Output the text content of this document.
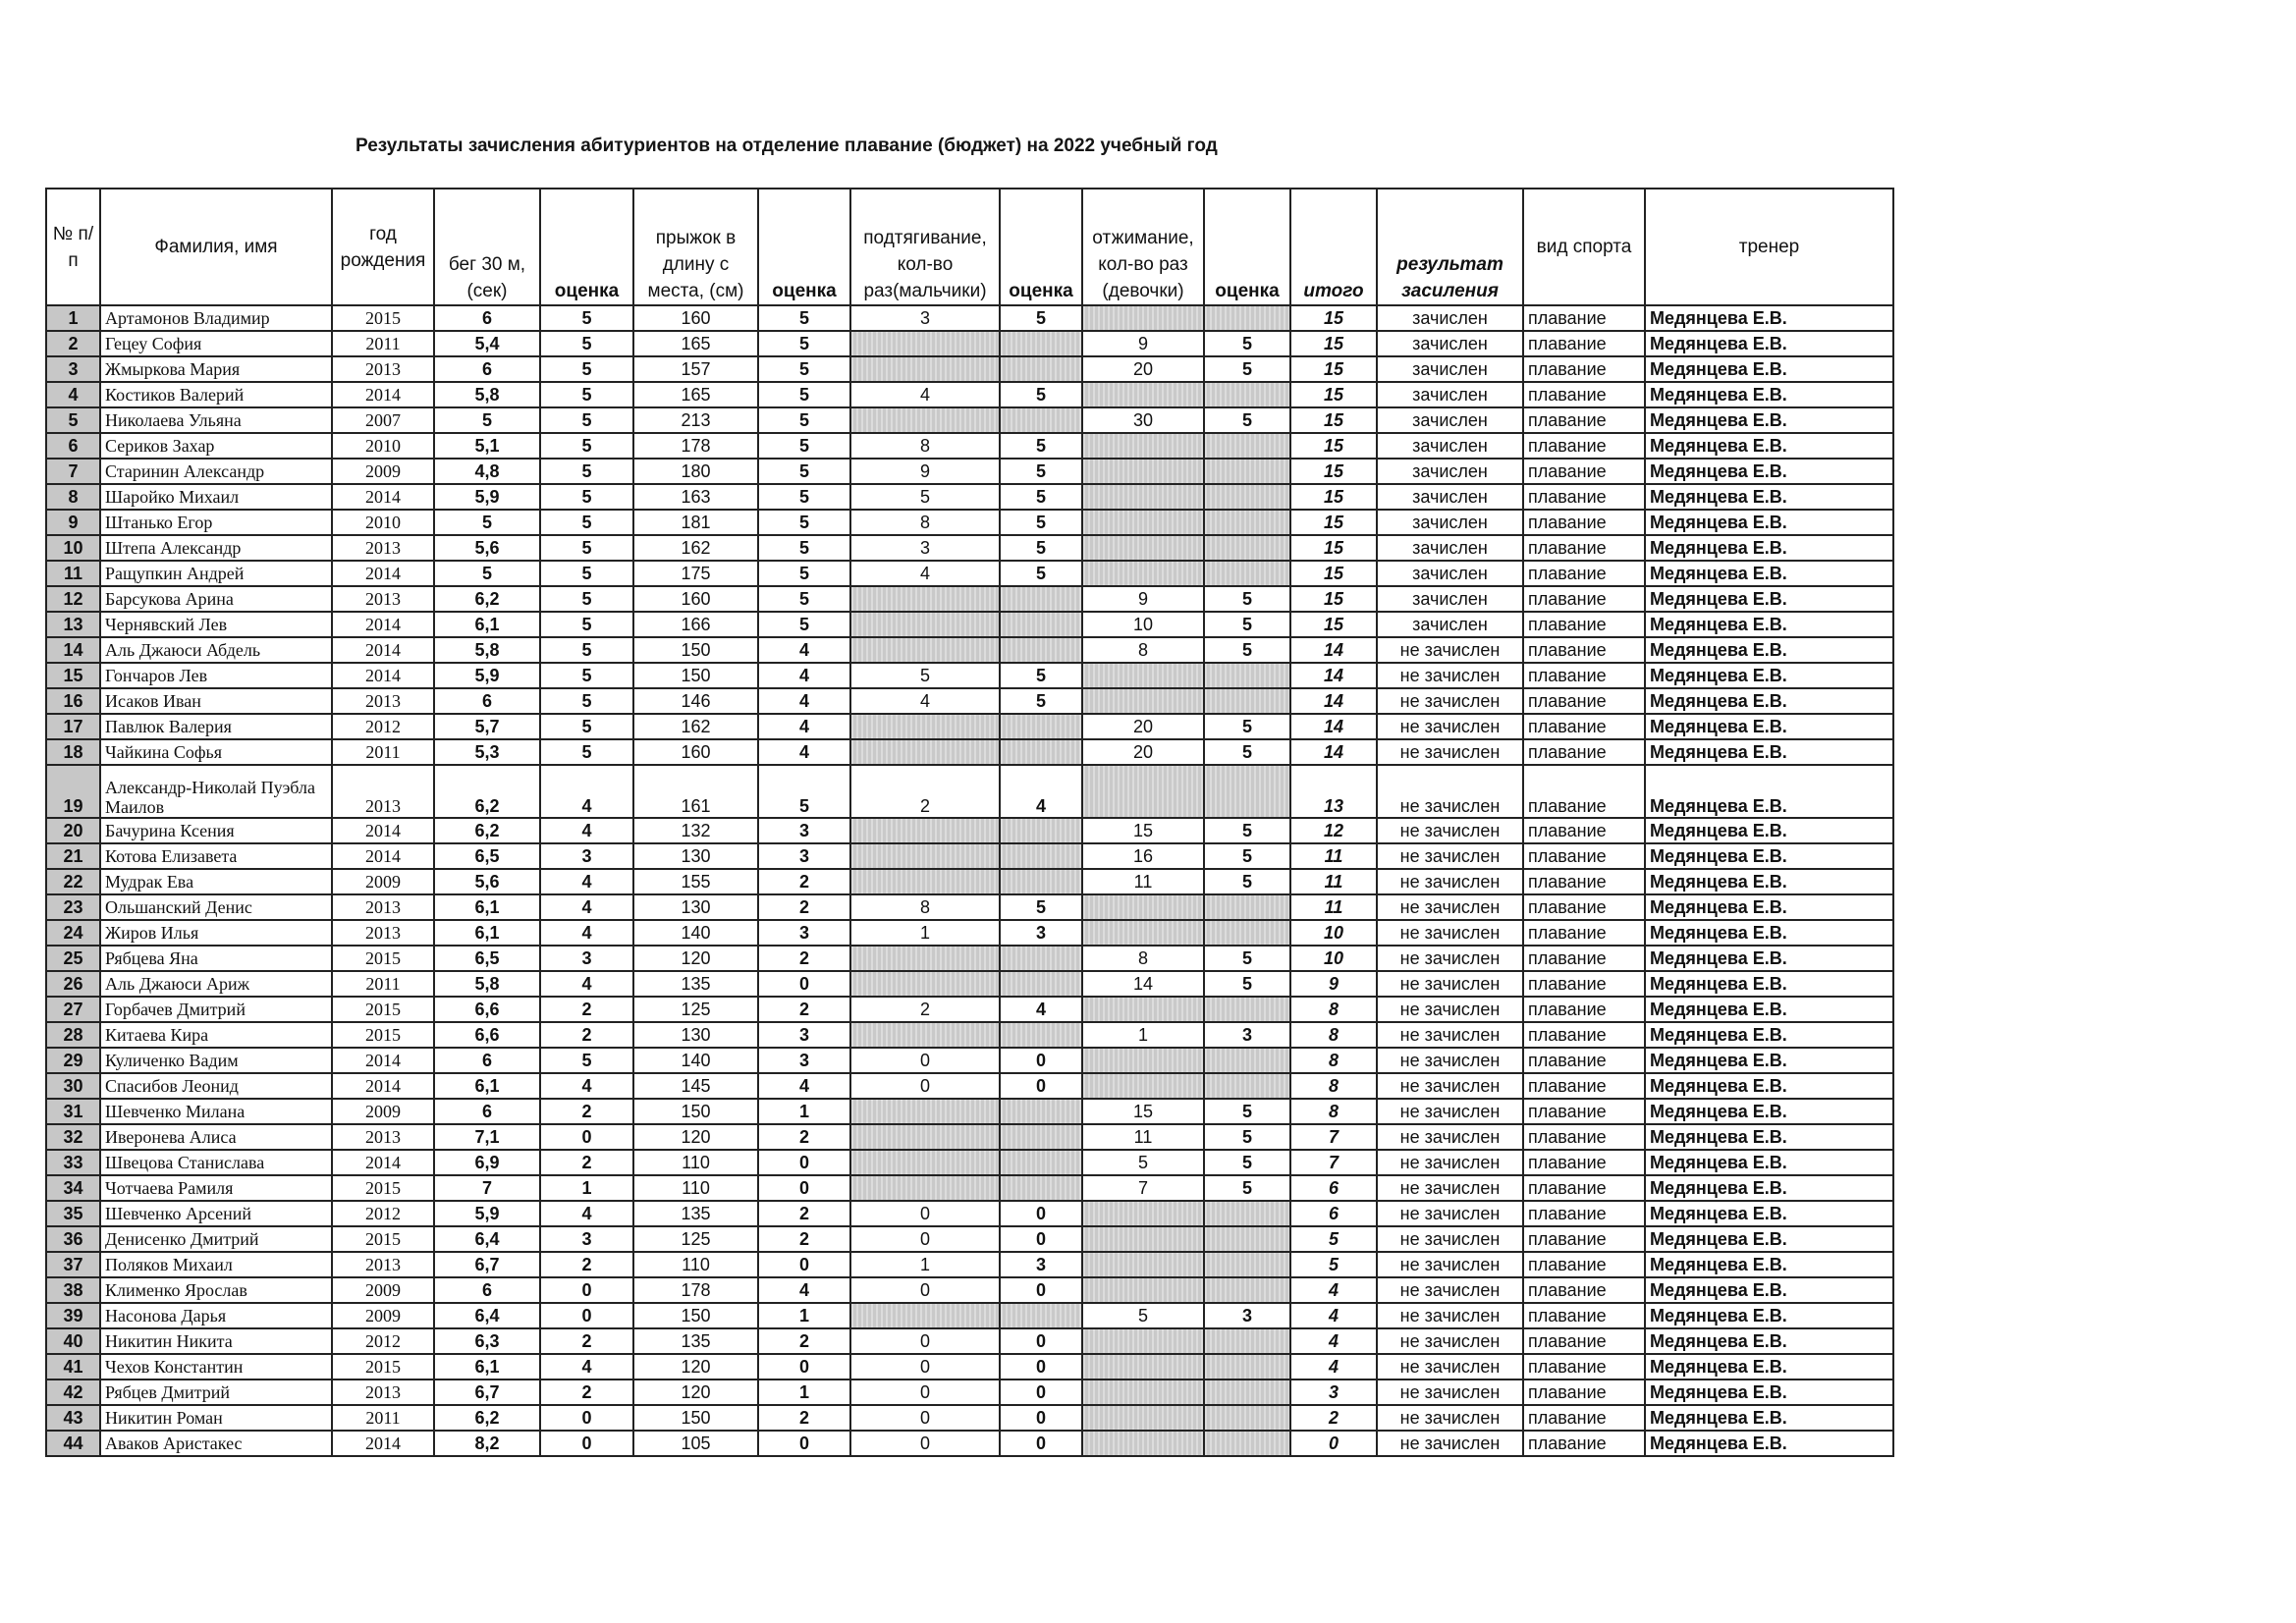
Результаты зачисления абитуриентов на отделение плавание (бюджет) на 2022 учебный год
№ п/п	Фамилия, имя	год рождения	бег 30 м, (сек)	оценка	прыжок в длину с места, (см)	оценка	подтягивание, кол-во раз(мальчики)	оценка	отжимание, кол-во раз (девочки)	оценка	итого	результат засиления	вид спорта	тренер
1	Артамонов Владимир	2015	6	5	160	5	3	5			15	зачислен	плавание	Медянцева Е.В.
2	Гецеу София	2011	5,4	5	165	5			9	5	15	зачислен	плавание	Медянцева Е.В.
3	Жмыркова Мария	2013	6	5	157	5			20	5	15	зачислен	плавание	Медянцева Е.В.
4	Костиков Валерий	2014	5,8	5	165	5	4	5			15	зачислен	плавание	Медянцева Е.В.
5	Николаева Ульяна	2007	5	5	213	5			30	5	15	зачислен	плавание	Медянцева Е.В.
6	Сериков Захар	2010	5,1	5	178	5	8	5			15	зачислен	плавание	Медянцева Е.В.
7	Старинин Александр	2009	4,8	5	180	5	9	5			15	зачислен	плавание	Медянцева Е.В.
8	Шаройко Михаил	2014	5,9	5	163	5	5	5			15	зачислен	плавание	Медянцева Е.В.
9	Штанько Егор	2010	5	5	181	5	8	5			15	зачислен	плавание	Медянцева Е.В.
10	Штепа Александр	2013	5,6	5	162	5	3	5			15	зачислен	плавание	Медянцева Е.В.
11	Ращупкин Андрей	2014	5	5	175	5	4	5			15	зачислен	плавание	Медянцева Е.В.
12	Барсукова Арина	2013	6,2	5	160	5			9	5	15	зачислен	плавание	Медянцева Е.В.
13	Чернявский Лев	2014	6,1	5	166	5			10	5	15	зачислен	плавание	Медянцева Е.В.
14	Аль Джаюси Абдель	2014	5,8	5	150	4			8	5	14	не зачислен	плавание	Медянцева Е.В.
15	Гончаров Лев	2014	5,9	5	150	4	5	5			14	не зачислен	плавание	Медянцева Е.В.
16	Исаков Иван	2013	6	5	146	4	4	5			14	не зачислен	плавание	Медянцева Е.В.
17	Павлюк Валерия	2012	5,7	5	162	4			20	5	14	не зачислен	плавание	Медянцева Е.В.
18	Чайкина Софья	2011	5,3	5	160	4			20	5	14	не зачислен	плавание	Медянцева Е.В.
19	Александр-Николай Пуэбла Маилов	2013	6,2	4	161	5	2	4			13	не зачислен	плавание	Медянцева Е.В.
20	Бачурина Ксения	2014	6,2	4	132	3			15	5	12	не зачислен	плавание	Медянцева Е.В.
21	Котова Елизавета	2014	6,5	3	130	3			16	5	11	не зачислен	плавание	Медянцева Е.В.
22	Мудрак Ева	2009	5,6	4	155	2			11	5	11	не зачислен	плавание	Медянцева Е.В.
23	Ольшанский Денис	2013	6,1	4	130	2	8	5			11	не зачислен	плавание	Медянцева Е.В.
24	Жиров Илья	2013	6,1	4	140	3	1	3			10	не зачислен	плавание	Медянцева Е.В.
25	Рябцева Яна	2015	6,5	3	120	2			8	5	10	не зачислен	плавание	Медянцева Е.В.
26	Аль Джаюси Ариж	2011	5,8	4	135	0			14	5	9	не зачислен	плавание	Медянцева Е.В.
27	Горбачев Дмитрий	2015	6,6	2	125	2	2	4			8	не зачислен	плавание	Медянцева Е.В.
28	Китаева Кира	2015	6,6	2	130	3			1	3	8	не зачислен	плавание	Медянцева Е.В.
29	Куличенко Вадим	2014	6	5	140	3	0	0			8	не зачислен	плавание	Медянцева Е.В.
30	Спасибов Леонид	2014	6,1	4	145	4	0	0			8	не зачислен	плавание	Медянцева Е.В.
31	Шевченко Милана	2009	6	2	150	1			15	5	8	не зачислен	плавание	Медянцева Е.В.
32	Иверонева Алиса	2013	7,1	0	120	2			11	5	7	не зачислен	плавание	Медянцева Е.В.
33	Швецова Станислава	2014	6,9	2	110	0			5	5	7	не зачислен	плавание	Медянцева Е.В.
34	Чотчаева Рамиля	2015	7	1	110	0			7	5	6	не зачислен	плавание	Медянцева Е.В.
35	Шевченко Арсений	2012	5,9	4	135	2	0	0			6	не зачислен	плавание	Медянцева Е.В.
36	Денисенко Дмитрий	2015	6,4	3	125	2	0	0			5	не зачислен	плавание	Медянцева Е.В.
37	Поляков Михаил	2013	6,7	2	110	0	1	3			5	не зачислен	плавание	Медянцева Е.В.
38	Клименко Ярослав	2009	6	0	178	4	0	0			4	не зачислен	плавание	Медянцева Е.В.
39	Насонова Дарья	2009	6,4	0	150	1			5	3	4	не зачислен	плавание	Медянцева Е.В.
40	Никитин Никита	2012	6,3	2	135	2	0	0			4	не зачислен	плавание	Медянцева Е.В.
41	Чехов Константин	2015	6,1	4	120	0	0	0			4	не зачислен	плавание	Медянцева Е.В.
42	Рябцев Дмитрий	2013	6,7	2	120	1	0	0			3	не зачислен	плавание	Медянцева Е.В.
43	Никитин Роман	2011	6,2	0	150	2	0	0			2	не зачислен	плавание	Медянцева Е.В.
44	Аваков Аристакес	2014	8,2	0	105	0	0	0			0	не зачислен	плавание	Медянцева Е.В.
